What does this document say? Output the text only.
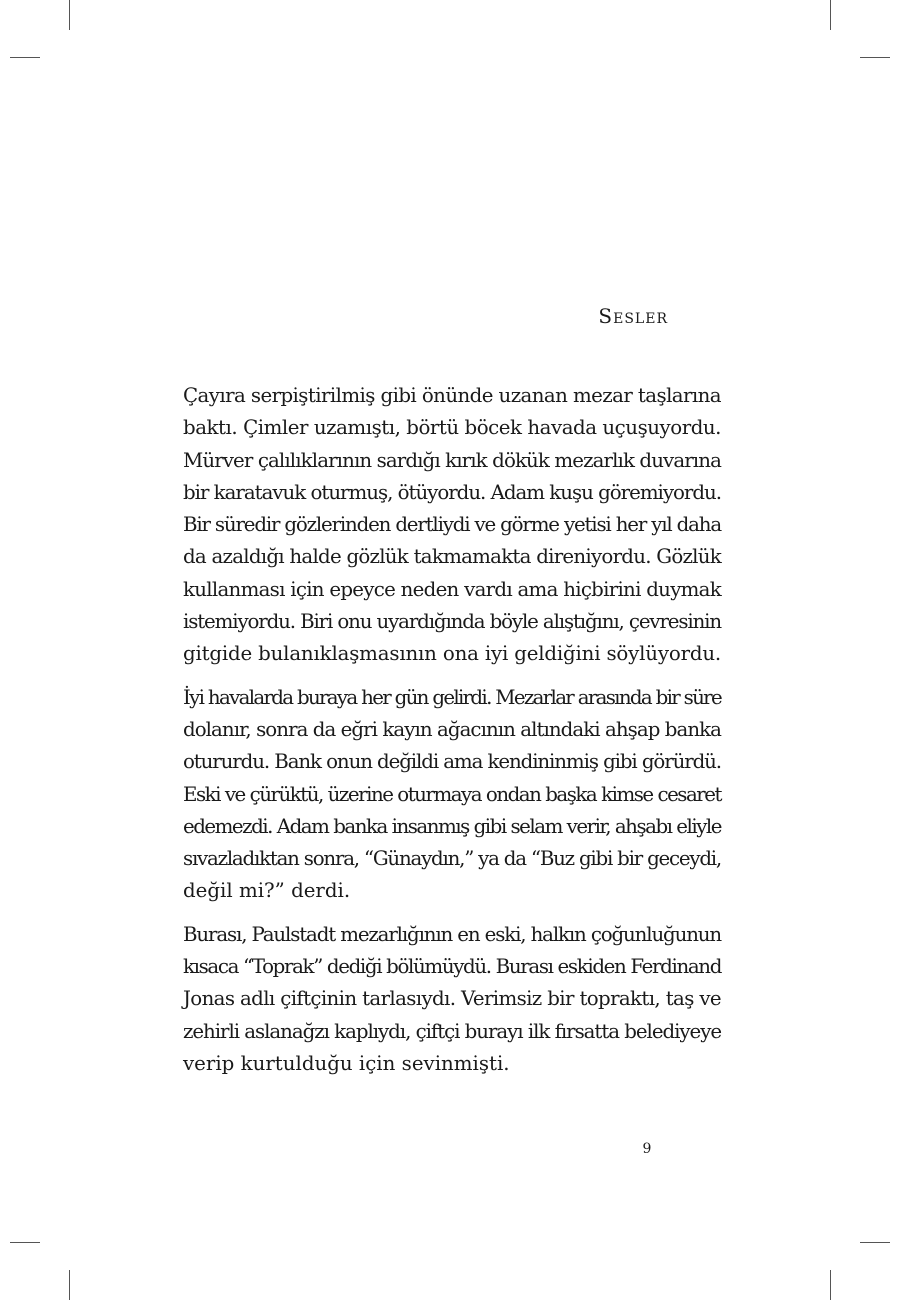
Sesler

Çayıra serpiştirilmiş gibi önünde uzanan mezar taşlarına
baktı. Çimler uzamıştı, börtü böcek havada uçuşuyordu.
Mürver çalılıklarının sardığı kırık dökük mezarlık duvarına
bir karatavuk oturmuş, ötüyordu. Adam kuşu göremiyordu.
Bir süredir gözlerinden dertliydi ve görme yetisi her yıl daha
da azaldığı halde gözlük takmamakta direniyordu. Gözlük
kullanması için epeyce neden vardı ama hiçbirini duymak
istemiyordu. Biri onu uyardığında böyle alıştığını, çevresinin
gitgide bulanıklaşmasının ona iyi geldiğini söylüyordu.

İyi havalarda buraya her gün gelirdi. Mezarlar arasında bir süre
dolanır, sonra da eğri kayın ağacının altındaki ahşap banka
otururdu. Bank onun değildi ama kendininmiş gibi görürdü.
Eski ve çürüktü, üzerine oturmaya ondan başka kimse cesaret
edemezdi. Adam banka insanmış gibi selam verir, ahşabı eliyle
sıvazladıktan sonra, “Günaydın,” ya da “Buz gibi bir geceydi,
değil mi?” derdi.

Burası, Paulstadt mezarlığının en eski, halkın çoğunluğunun
kısaca “Toprak” dediği bölümüydü. Burası eskiden Ferdinand
Jonas adlı çiftçinin tarlasıydı. Verimsiz bir topraktı, taş ve
zehirli aslanağzı kaplıydı, çiftçi burayı ilk fırsatta belediyeye
verip kurtulduğu için sevinmişti.

9
